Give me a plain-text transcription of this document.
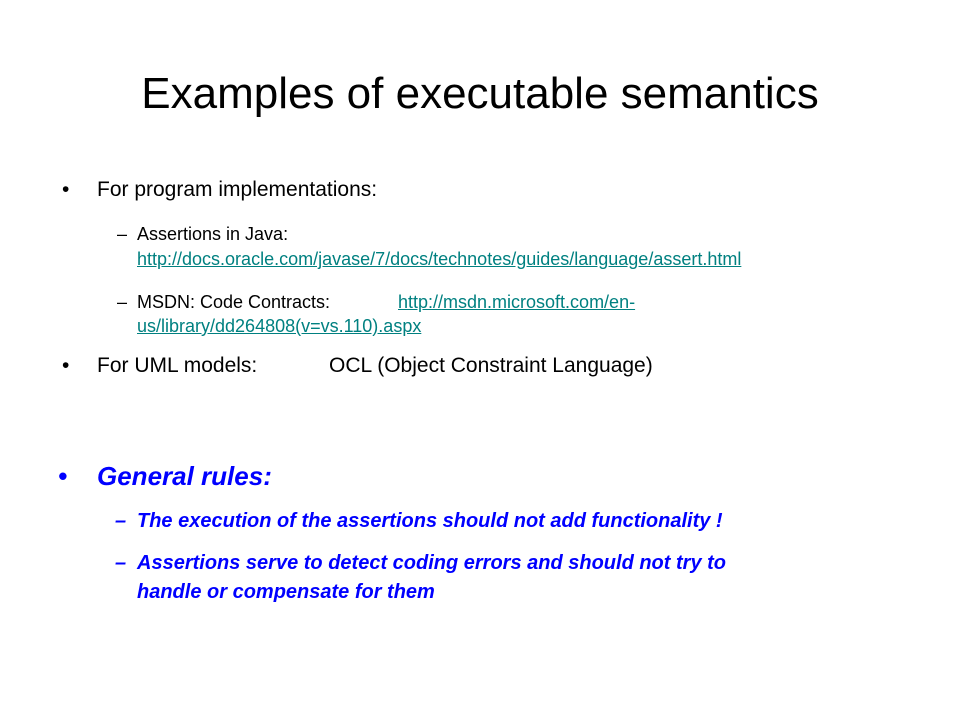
Examples of executable semantics
• For program implementations:
– Assertions in Java:
http://docs.oracle.com/javase/7/docs/technotes/guides/language/assert.html
– MSDN: Code Contracts:	http://msdn.microsoft.com/en-
us/library/dd264808(v=vs.110).aspx
• For UML models:	OCL (Object Constraint Language)
• General rules:
– The execution of the assertions should not add functionality !
– Assertions serve to detect coding errors and should not try to
handle or compensate for them
